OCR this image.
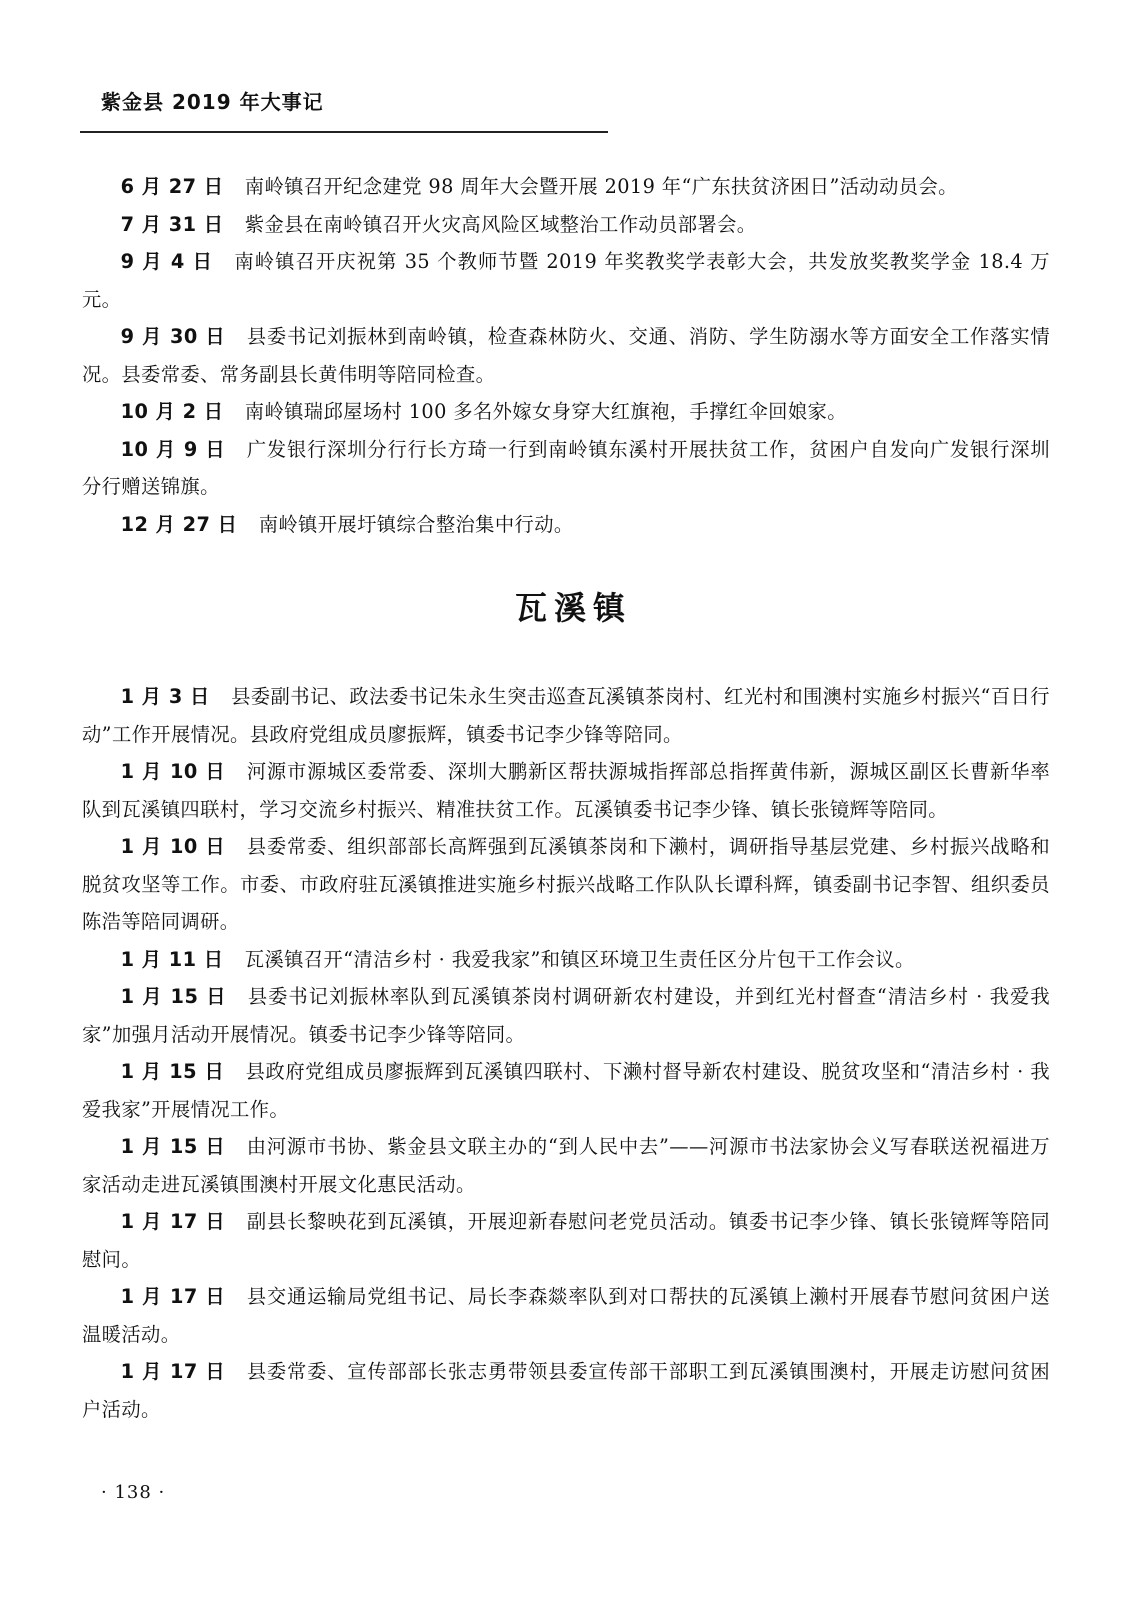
紫金县 2019 年大事记

6 月 27 日 南岭镇召开纪念建党 98 周年大会暨开展 2019 年“广东扶贫济困日”活动动员会。

7 月 31 日 紫金县在南岭镇召开火灾高风险区域整治工作动员部署会。

9 月 4 日 南岭镇召开庆祝第 35 个教师节暨 2019 年奖教奖学表彰大会，共发放奖教奖学金 18.4 万元。

9 月 30 日 县委书记刘振林到南岭镇，检查森林防火、交通、消防、学生防溺水等方面安全工作落实情况。县委常委、常务副县长黄伟明等陪同检查。

10 月 2 日 南岭镇瑞邱屋场村 100 多名外嫁女身穿大红旗袍，手撑红伞回娘家。

10 月 9 日 广发银行深圳分行行长方琦一行到南岭镇东溪村开展扶贫工作，贫困户自发向广发银行深圳分行赠送锦旗。

12 月 27 日 南岭镇开展圩镇综合整治集中行动。

瓦溪镇

1 月 3 日 县委副书记、政法委书记朱永生突击巡查瓦溪镇茶岗村、红光村和围澳村实施乡村振兴“百日行动”工作开展情况。县政府党组成员廖振辉，镇委书记李少锋等陪同。

1 月 10 日 河源市源城区委常委、深圳大鹏新区帮扶源城指挥部总指挥黄伟新，源城区副区长曹新华率队到瓦溪镇四联村，学习交流乡村振兴、精准扶贫工作。瓦溪镇委书记李少锋、镇长张镜辉等陪同。

1 月 10 日 县委常委、组织部部长高辉强到瓦溪镇茶岗和下濑村，调研指导基层党建、乡村振兴战略和脱贫攻坚等工作。市委、市政府驻瓦溪镇推进实施乡村振兴战略工作队队长谭科辉，镇委副书记李智、组织委员陈浩等陪同调研。

1 月 11 日 瓦溪镇召开“清洁乡村 · 我爱我家”和镇区环境卫生责任区分片包干工作会议。

1 月 15 日 县委书记刘振林率队到瓦溪镇茶岗村调研新农村建设，并到红光村督查“清洁乡村 · 我爱我家”加强月活动开展情况。镇委书记李少锋等陪同。

1 月 15 日 县政府党组成员廖振辉到瓦溪镇四联村、下濑村督导新农村建设、脱贫攻坚和“清洁乡村 · 我爱我家”开展情况工作。

1 月 15 日 由河源市书协、紫金县文联主办的“到人民中去”——河源市书法家协会义写春联送祝福进万家活动走进瓦溪镇围澳村开展文化惠民活动。

1 月 17 日 副县长黎映花到瓦溪镇，开展迎新春慰问老党员活动。镇委书记李少锋、镇长张镜辉等陪同慰问。

1 月 17 日 县交通运输局党组书记、局长李森燚率队到对口帮扶的瓦溪镇上濑村开展春节慰问贫困户送温暖活动。

1 月 17 日 县委常委、宣传部部长张志勇带领县委宣传部干部职工到瓦溪镇围澳村，开展走访慰问贫困户活动。

· 138 ·
